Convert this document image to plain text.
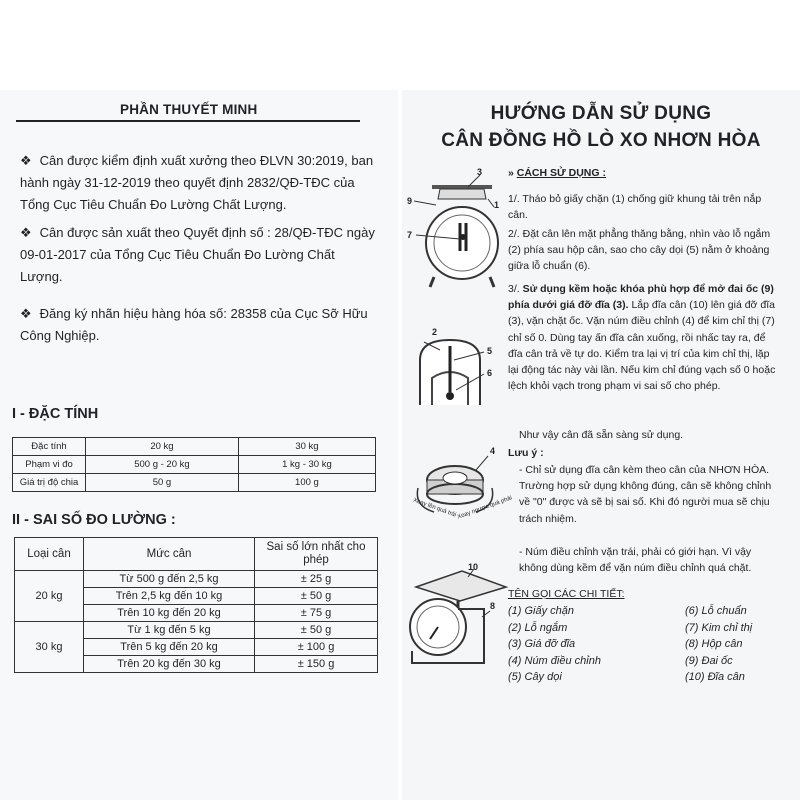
PHẦN THUYẾT MINH
❖ Cân được kiểm định xuất xưởng theo ĐLVN 30:2019, ban hành ngày 31-12-2019 theo quyết định 2832/QĐ-TĐC của Tổng Cục Tiêu Chuẩn Đo Lường Chất Lượng.
❖ Cân được sản xuất theo Quyết định số : 28/QĐ-TĐC ngày 09-01-2017 của Tổng Cục Tiêu Chuẩn Đo Lường Chất Lượng.
❖ Đăng ký nhãn hiệu hàng hóa số: 28358 của Cục Sỡ Hữu Công Nghiệp.
I - ĐẶC TÍNH
Đặc tính	20 kg	30 kg
Phạm vi đo	500 g - 20 kg	1 kg - 30 kg
Giá trị độ chia	50 g	100 g
II - SAI SỐ ĐO LƯỜNG :
Loại cân	Mức cân	Sai số lớn nhất cho phép
20 kg	Từ 500 g đến 2,5 kg	± 25 g
	Trên 2,5 kg đến 10 kg	± 50 g
	Trên 10 kg đến 20 kg	± 75 g
30 kg	Từ 1 kg đến 5 kg	± 50 g
	Trên 5 kg đến 20 kg	± 100 g
	Trên 20 kg đến 30 kg	± 150 g
HƯỚNG DẪN SỬ DỤNG
CÂN ĐỒNG HỒ LÒ XO NHƠN HÒA
3
9	1
7
2
5
6
4
Xoay lên quá trái Xoay ngược quá phải
10
8
» CÁCH SỬ DỤNG :
1/. Tháo bỏ giấy chặn (1) chống giữ khung tải trên nắp cân.
2/. Đặt cân lên mặt phẳng thăng bằng, nhìn vào lỗ ngắm (2) phía sau hộp cân, sao cho cây dọi (5) nằm ở khoảng giữa lỗ chuẩn (6).
3/. Sử dụng kềm hoặc khóa phù hợp để mở đai ốc (9) phía dưới giá đỡ đĩa (3). Lắp đĩa cân (10) lên giá đỡ đĩa (3), vặn chặt ốc. Vặn núm điều chỉnh (4) để kim chỉ thị (7) chỉ số 0. Dùng tay ấn đĩa cân xuống, rồi nhấc tay ra, để đĩa cân trả về tự do. Kiểm tra lại vị trí của kim chỉ thị, lặp lại động tác này vài lần. Nếu kim chỉ đúng vạch số 0 hoặc lệch khỏi vạch trong phạm vi sai số cho phép.
Như vậy cân đã sẵn sàng sử dụng.
Lưu ý :
- Chỉ sử dụng đĩa cân kèm theo cân của NHƠN HÒA. Trường hợp sử dụng không đúng, cân sẽ không chỉnh về "0" được và sẽ bị sai số. Khi đó người mua sẽ chịu trách nhiệm.
- Núm điều chỉnh vặn trái, phải có giới hạn. Vì vậy không dùng kềm để vặn núm điều chỉnh quá chặt.
TÊN GỌI CÁC CHI TIẾT:
(1) Giấy chặn
(2) Lỗ ngắm
(3) Giá đỡ đĩa
(4) Núm điều chỉnh
(5) Cây dọi
(6) Lỗ chuẩn
(7) Kim chỉ thị
(8) Hộp cân
(9) Đai ốc
(10) Đĩa cân
